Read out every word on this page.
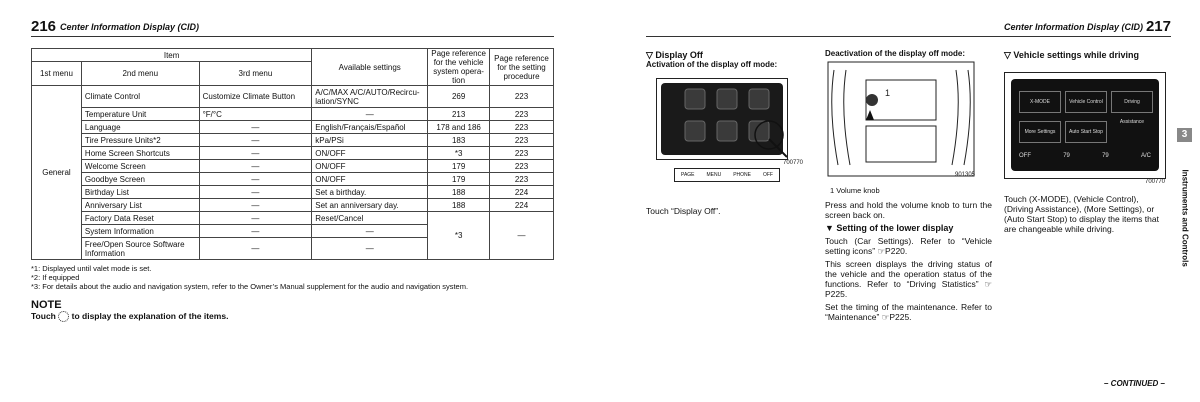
216 Center Information Display (CID)	Center Information Display (CID) 217
Item			Available settings	Page reference for the vehicle system opera-tion	Page reference for the setting procedure
1st menu	2nd menu	3rd menu			
General	Climate Control	Customize Climate Button	A/C/MAX A/C/AUTO/Recircu-lation/SYNC	269	223
	Temperature Unit	°F/°C	—	213	223
	Language	—	English/Français/Español	178 and 186	223
	Tire Pressure Units*2	—	kPa/PSi	183	223
	Home Screen Shortcuts	—	ON/OFF	*3	223
	Welcome Screen	—	ON/OFF	179	223
	Goodbye Screen	—	ON/OFF	179	223
	Birthday List	—	Set a birthday.	188	224
	Anniversary List	—	Set an anniversary day.	188	224
	Factory Data Reset	—	Reset/Cancel	*3	—
	System Information	—	—		
	Free/Open Source Software Information	—	—		
*1: Displayed until valet mode is set.
*2: If equipped
*3: For details about the audio and navigation system, refer to the Owner’s Manual supplement for the audio and navigation system.
NOTE
Touch to display the explanation of the items.
▽ Display Off
Activation of the display off mode:
700770
PAGE MENU PHONE OFF
Touch “Display Off”.
Deactivation of the display off mode:
1
901305
1 Volume knob

Press and hold the volume knob to turn the screen back on.

▼ Setting of the lower display

Touch (Car Settings). Refer to “Vehicle setting icons” ☞P220.

This screen displays the driving status of the vehicle and the operation status of the functions. Refer to “Driving Statistics” ☞P225.

Set the timing of the maintenance. Refer to “Maintenance” ☞P225.

▽ Vehicle settings while driving
X-MODE	Vehicle Control	Driving Assistance
More Settings	Auto Start Stop
OFF	79	79	A/C
700770
Touch (X-MODE), (Vehicle Control), (Driving Assistance), (More Settings), or (Auto Start Stop) to display the items that are changeable while driving.
3
Instruments and Controls
– CONTINUED –
